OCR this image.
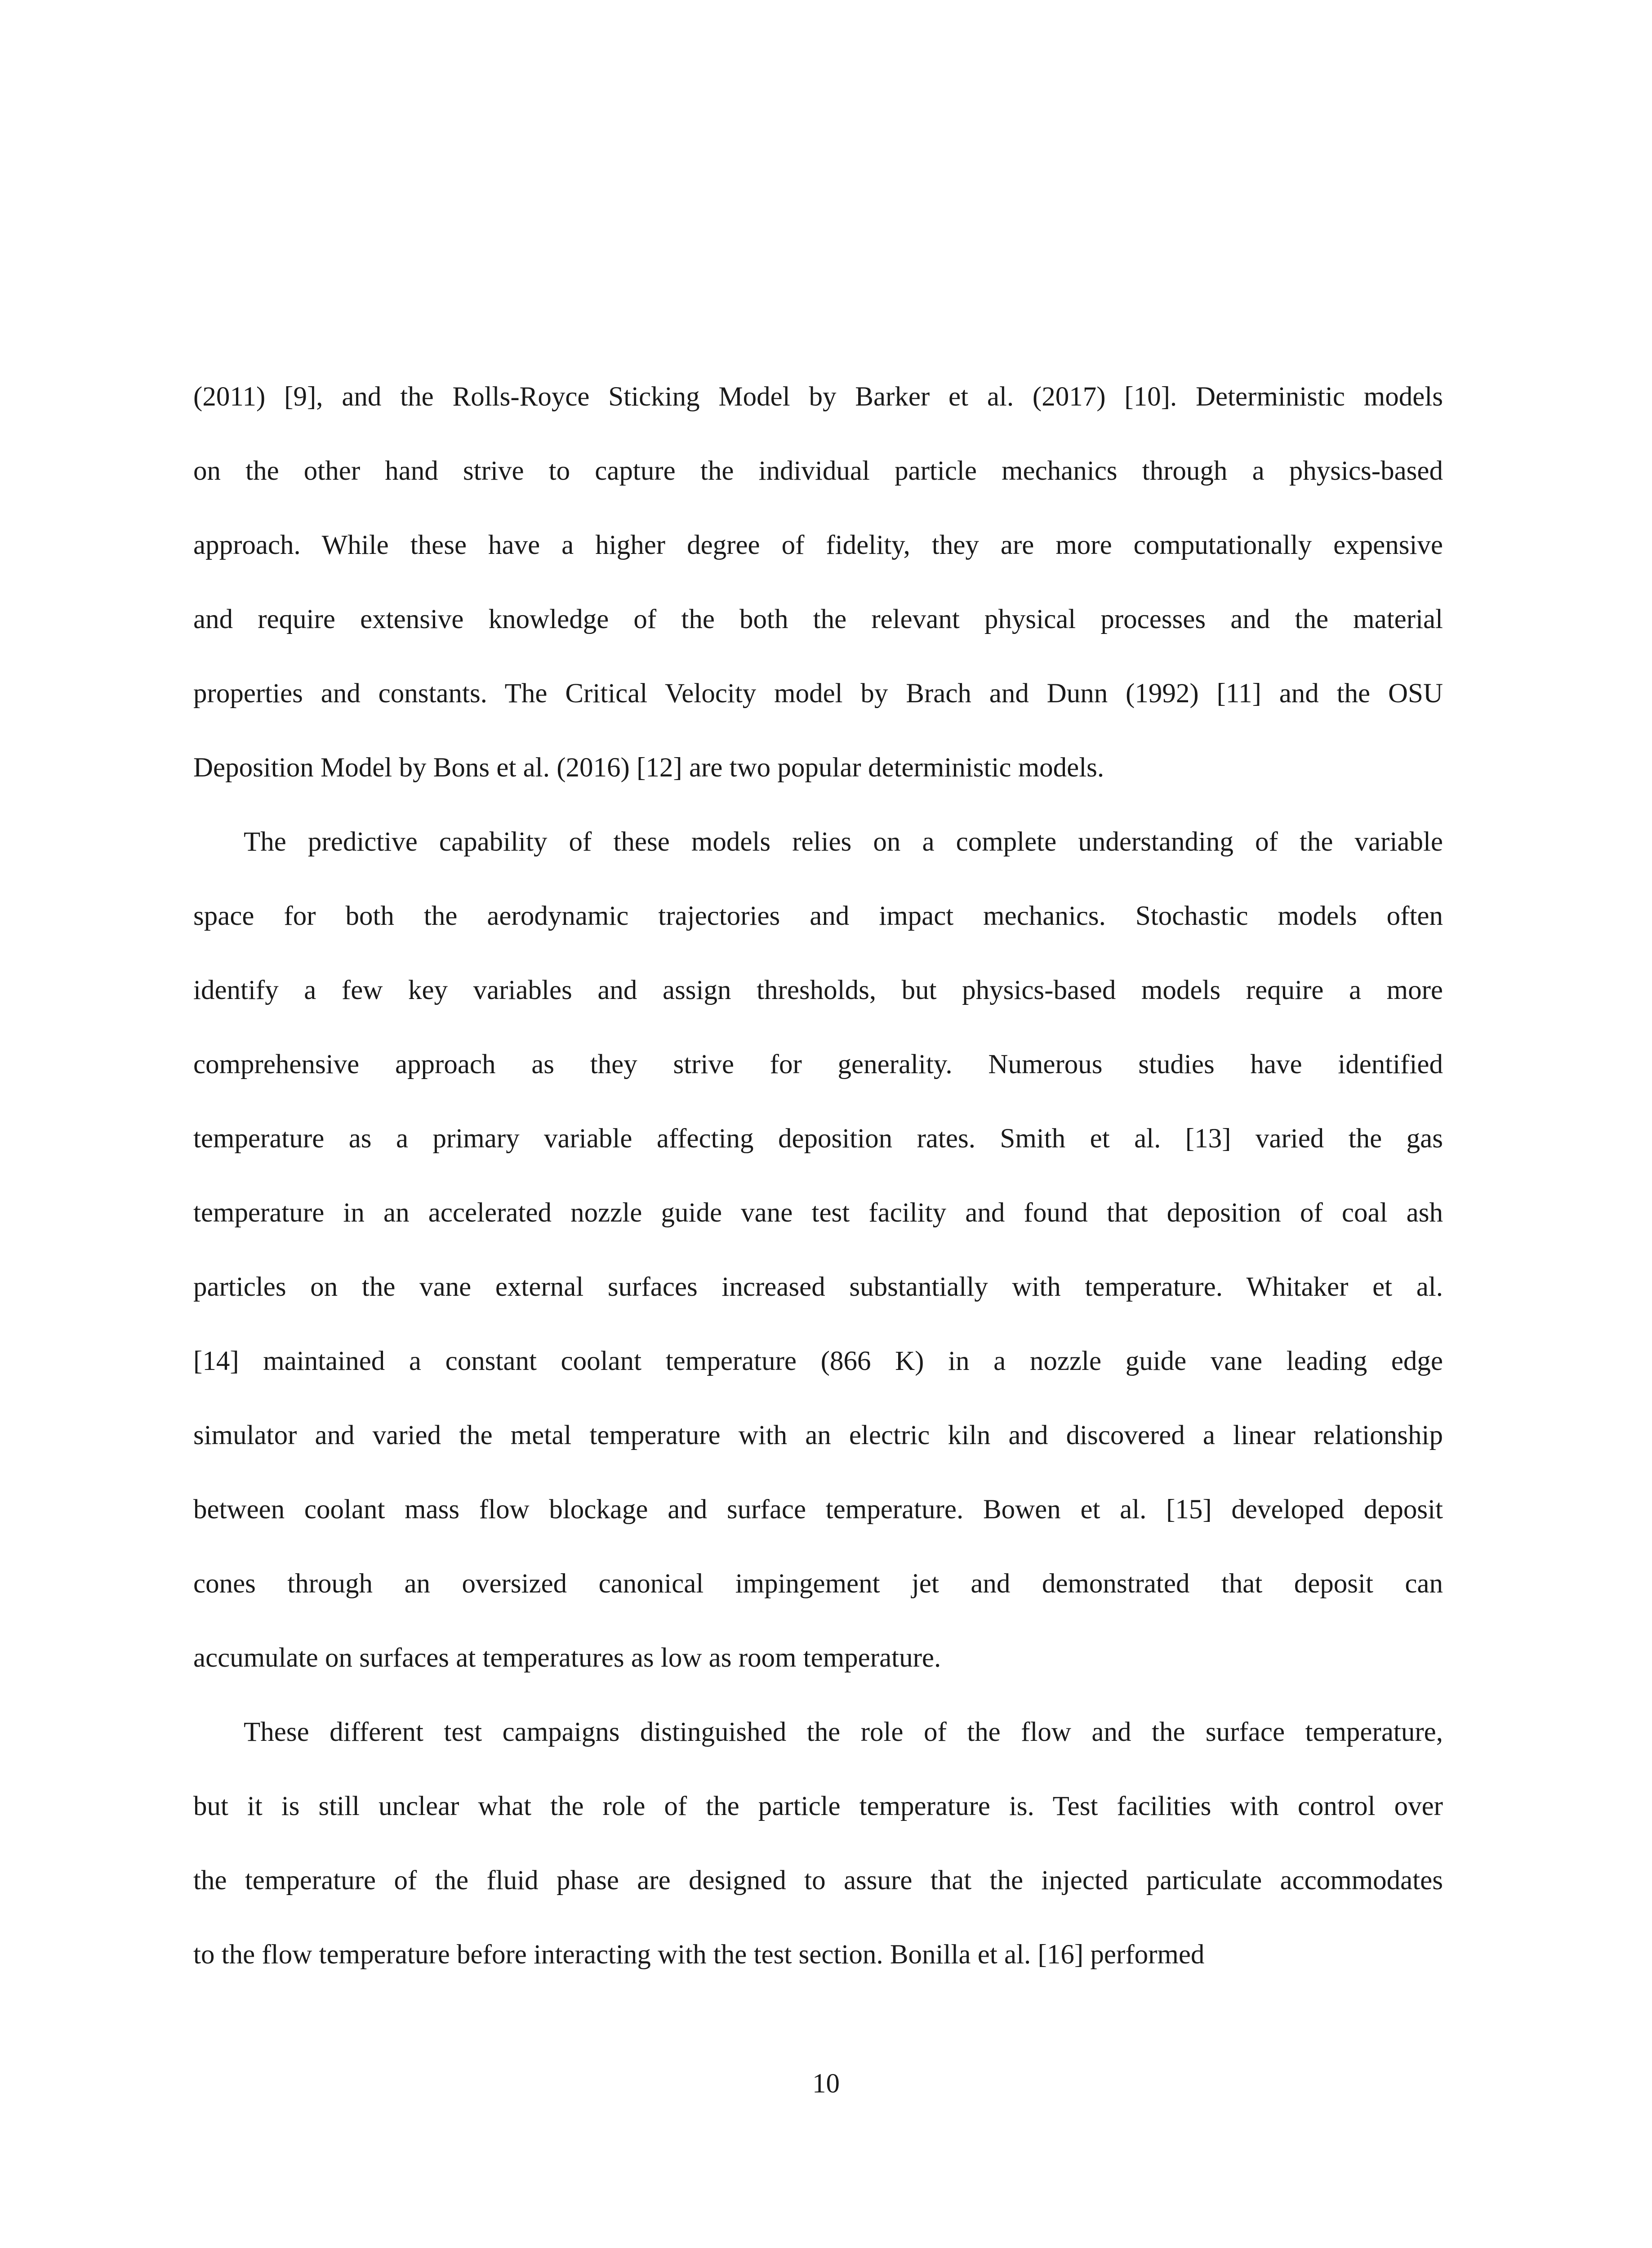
(2011) [9], and the Rolls-Royce Sticking Model by Barker et al. (2017) [10]. Deterministic models
on the other hand strive to capture the individual particle mechanics through a physics-based
approach. While these have a higher degree of fidelity, they are more computationally expensive
and require extensive knowledge of the both the relevant physical processes and the material
properties and constants. The Critical Velocity model by Brach and Dunn (1992) [11] and the OSU
Deposition Model by Bons et al. (2016) [12] are two popular deterministic models.

The predictive capability of these models relies on a complete understanding of the variable
space for both the aerodynamic trajectories and impact mechanics. Stochastic models often
identify a few key variables and assign thresholds, but physics-based models require a more
comprehensive approach as they strive for generality. Numerous studies have identified
temperature as a primary variable affecting deposition rates. Smith et al. [13] varied the gas
temperature in an accelerated nozzle guide vane test facility and found that deposition of coal ash
particles on the vane external surfaces increased substantially with temperature. Whitaker et al.
[14] maintained a constant coolant temperature (866 K) in a nozzle guide vane leading edge
simulator and varied the metal temperature with an electric kiln and discovered a linear relationship
between coolant mass flow blockage and surface temperature. Bowen et al. [15] developed deposit
cones through an oversized canonical impingement jet and demonstrated that deposit can
accumulate on surfaces at temperatures as low as room temperature.

These different test campaigns distinguished the role of the flow and the surface temperature,
but it is still unclear what the role of the particle temperature is. Test facilities with control over
the temperature of the fluid phase are designed to assure that the injected particulate accommodates
to the flow temperature before interacting with the test section. Bonilla et al. [16] performed

10
